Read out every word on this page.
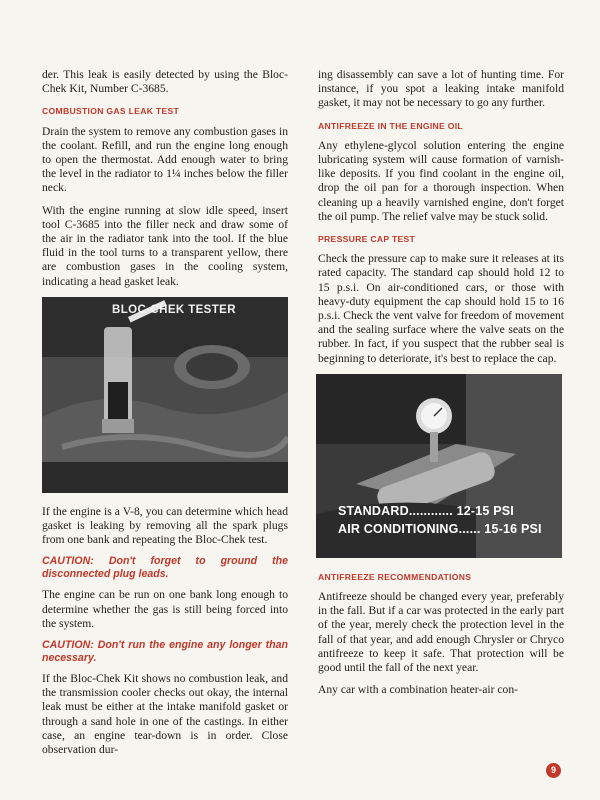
der. This leak is easily detected by using the Bloc-Chek Kit, Number C-3685.

COMBUSTION GAS LEAK TEST

Drain the system to remove any combustion gases in the coolant. Refill, and run the engine long enough to open the thermostat. Add enough water to bring the level in the radiator to 1¼ inches below the filler neck.

With the engine running at slow idle speed, insert tool C-3685 into the filler neck and draw some of the air in the radiator tank into the tool. If the blue fluid in the tool turns to a transparent yellow, there are combustion gases in the cooling system, indicating a head gasket leak.

BLOC-CHEK TESTER

If the engine is a V-8, you can determine which head gasket is leaking by removing all the spark plugs from one bank and repeating the Bloc-Chek test.

CAUTION: Don't forget to ground the disconnected plug leads.

The engine can be run on one bank long enough to determine whether the gas is still being forced into the system.

CAUTION: Don't run the engine any longer than necessary.

If the Bloc-Chek Kit shows no combustion leak, and the transmission cooler checks out okay, the internal leak must be either at the intake manifold gasket or through a sand hole in one of the castings. In either case, an engine tear-down is in order. Close observation dur-

ing disassembly can save a lot of hunting time. For instance, if you spot a leaking intake manifold gasket, it may not be necessary to go any further.

ANTIFREEZE IN THE ENGINE OIL

Any ethylene-glycol solution entering the engine lubricating system will cause formation of varnish-like deposits. If you find coolant in the engine oil, drop the oil pan for a thorough inspection. When cleaning up a heavily varnished engine, don't forget the oil pump. The relief valve may be stuck solid.

PRESSURE CAP TEST

Check the pressure cap to make sure it releases at its rated capacity. The standard cap should hold 12 to 15 p.s.i. On air-conditioned cars, or those with heavy-duty equipment the cap should hold 15 to 16 p.s.i. Check the vent valve for freedom of movement and the sealing surface where the valve seats on the rubber. In fact, if you suspect that the rubber seal is beginning to deteriorate, it's best to replace the cap.

STANDARD............ 12-15 PSI
AIR CONDITIONING...... 15-16 PSI
ANTIFREEZE RECOMMENDATIONS

Antifreeze should be changed every year, preferably in the fall. But if a car was protected in the early part of the year, merely check the protection level in the fall of that year, and add enough Chrysler or Chryco antifreeze to keep it safe. That protection will be good until the fall of the next year.

Any car with a combination heater-air con-

9
